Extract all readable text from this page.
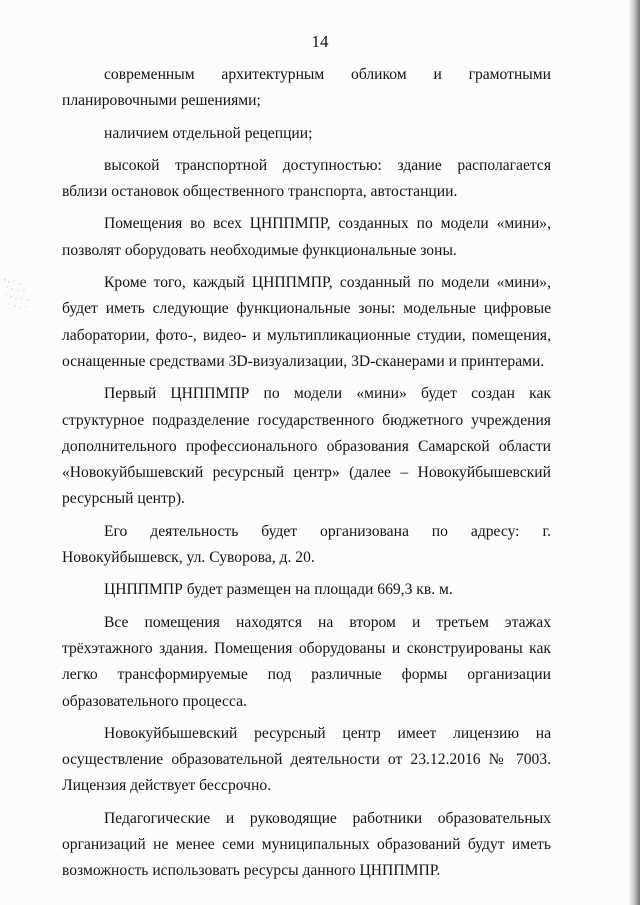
14

современным архитектурным обликом и грамотными планировочными решениями;

наличием отдельной рецепции;

высокой транспортной доступностью: здание располагается вблизи остановок общественного транспорта, автостанции.

Помещения во всех ЦНППМПР, созданных по модели «мини», позволят оборудовать необходимые функциональные зоны.

Кроме того, каждый ЦНППМПР, созданный по модели «мини», будет иметь следующие функциональные зоны: модельные цифровые лаборатории, фото-, видео- и мультипликационные студии, помещения, оснащенные средствами 3D-визуализации, 3D-сканерами и принтерами.

Первый ЦНППМПР по модели «мини» будет создан как структурное подразделение государственного бюджетного учреждения дополнительного профессионального образования Самарской области «Новокуйбышевский ресурсный центр» (далее – Новокуйбышевский ресурсный центр).

Его деятельность будет организована по адресу: г. Новокуйбышевск, ул. Суворова, д. 20.

ЦНППМПР будет размещен на площади 669,3 кв. м.

Все помещения находятся на втором и третьем этажах трёхэтажного здания. Помещения оборудованы и сконструированы как легко трансформируемые под различные формы организации образовательного процесса.

Новокуйбышевский ресурсный центр имеет лицензию на осуществление образовательной деятельности от 23.12.2016 № 7003. Лицензия действует бессрочно.

Педагогические и руководящие работники образовательных организаций не менее семи муниципальных образований будут иметь возможность использовать ресурсы данного ЦНППМПР.
